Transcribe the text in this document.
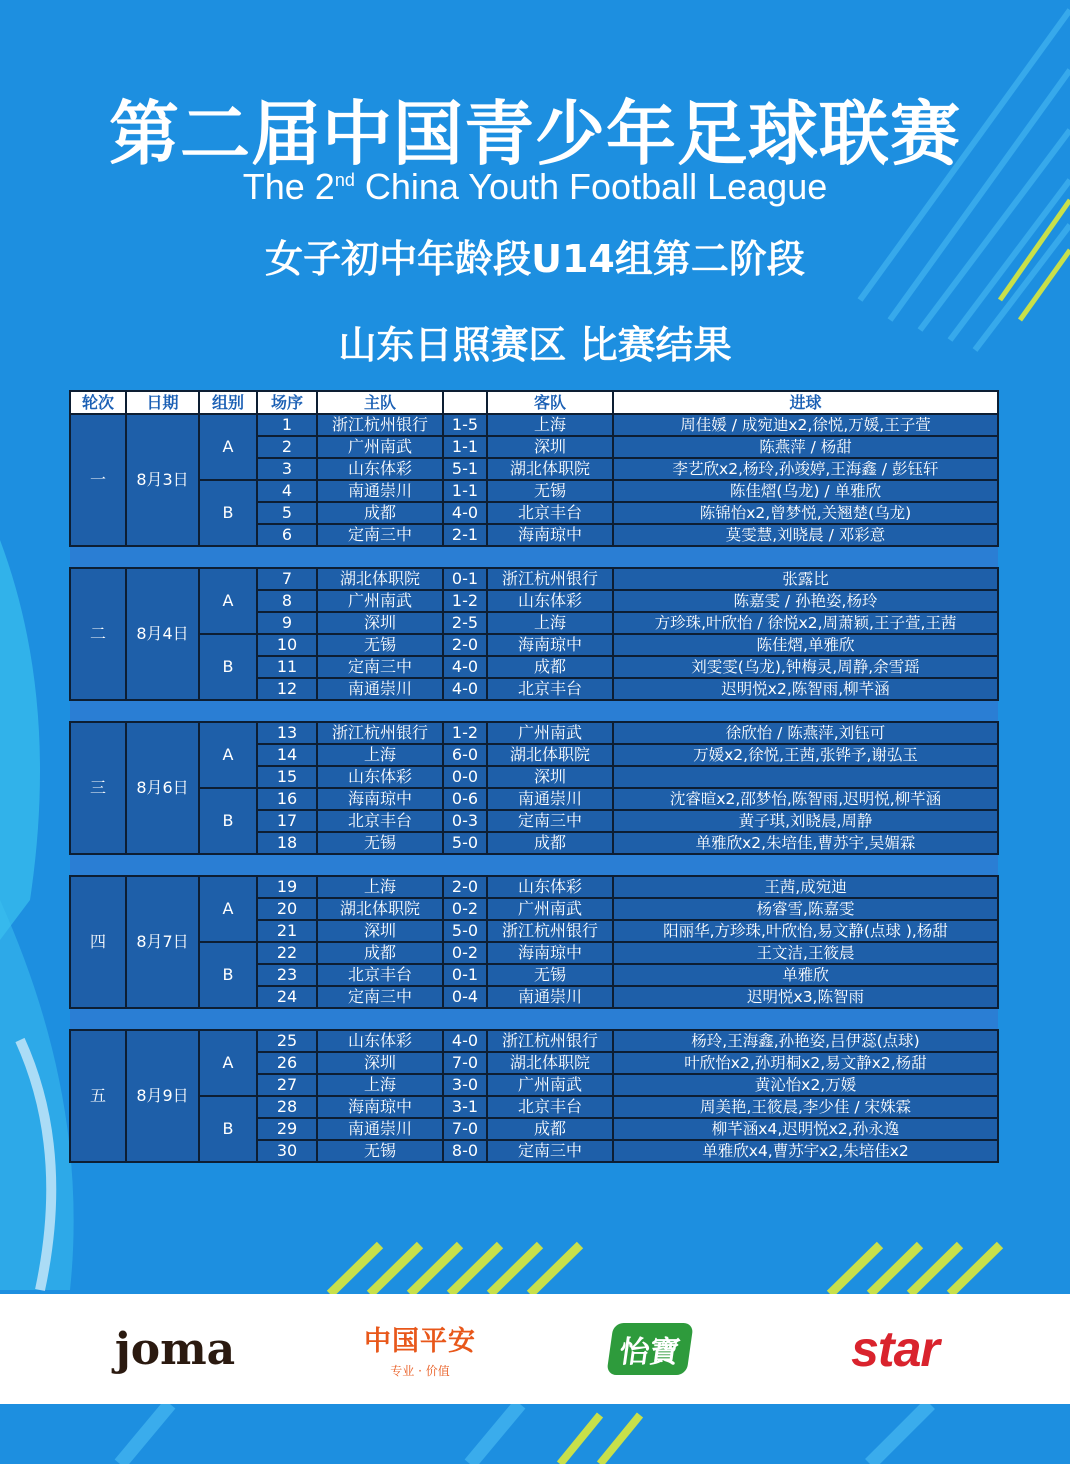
第二届中国青少年足球联赛
The 2nd China Youth Football League
女子初中年龄段U14组第二阶段
山东日照赛区 比赛结果
轮次	日期	组别	场序	主队		客队	进球
一	8月3日	A	1	浙江杭州银行	1-5	上海	周佳媛 / 成宛迪x2,徐悦,万媛,王子萱
			2	广州南武	1-1	深圳	陈燕萍 / 杨甜
			3	山东体彩	5-1	湖北体职院	李艺欣x2,杨玲,孙竣婷,王海鑫 / 彭钰轩
		B	4	南通崇川	1-1	无锡	陈佳熠(乌龙) / 单雅欣
			5	成都	4-0	北京丰台	陈锦怡x2,曾梦悦,关翘楚(乌龙)
			6	定南三中	2-1	海南琼中	莫雯慧,刘晓晨 / 邓彩意

二	8月4日	A	7	湖北体职院	0-1	浙江杭州银行	张露比
			8	广州南武	1-2	山东体彩	陈嘉雯 / 孙艳姿,杨玲
			9	深圳	2-5	上海	方珍珠,叶欣怡 / 徐悦x2,周萧颖,王子萱,王茜
		B	10	无锡	2-0	海南琼中	陈佳熠,单雅欣
			11	定南三中	4-0	成都	刘雯雯(乌龙),钟梅灵,周静,余雪瑶
			12	南通崇川	4-0	北京丰台	迟明悦x2,陈智雨,柳芊涵

三	8月6日	A	13	浙江杭州银行	1-2	广州南武	徐欣怡 / 陈燕萍,刘钰可
			14	上海	6-0	湖北体职院	万媛x2,徐悦,王茜,张铧予,谢弘玉
			15	山东体彩	0-0	深圳	
		B	16	海南琼中	0-6	南通崇川	沈睿暄x2,邵梦怡,陈智雨,迟明悦,柳芊涵
			17	北京丰台	0-3	定南三中	黄子琪,刘晓晨,周静
			18	无锡	5-0	成都	单雅欣x2,朱培佳,曹苏宇,吴媚霖

四	8月7日	A	19	上海	2-0	山东体彩	王茜,成宛迪
			20	湖北体职院	0-2	广州南武	杨睿雪,陈嘉雯
			21	深圳	5-0	浙江杭州银行	阳丽华,方珍珠,叶欣怡,易文静(点球 ),杨甜
		B	22	成都	0-2	海南琼中	王文洁,王筱晨
			23	北京丰台	0-1	无锡	单雅欣
			24	定南三中	0-4	南通崇川	迟明悦x3,陈智雨

五	8月9日	A	25	山东体彩	4-0	浙江杭州银行	杨玲,王海鑫,孙艳姿,吕伊蕊(点球)
			26	深圳	7-0	湖北体职院	叶欣怡x2,孙玥桐x2,易文静x2,杨甜
			27	上海	3-0	广州南武	黄沁怡x2,万媛
		B	28	海南琼中	3-1	北京丰台	周美艳,王筱晨,李少佳 / 宋姝霖
			29	南通崇川	7-0	成都	柳芊涵x4,迟明悦x2,孙永逸
			30	无锡	8-0	定南三中	单雅欣x4,曹苏宇x2,朱培佳x2
joma	中国平安
专业 · 价值
怡寶	star
